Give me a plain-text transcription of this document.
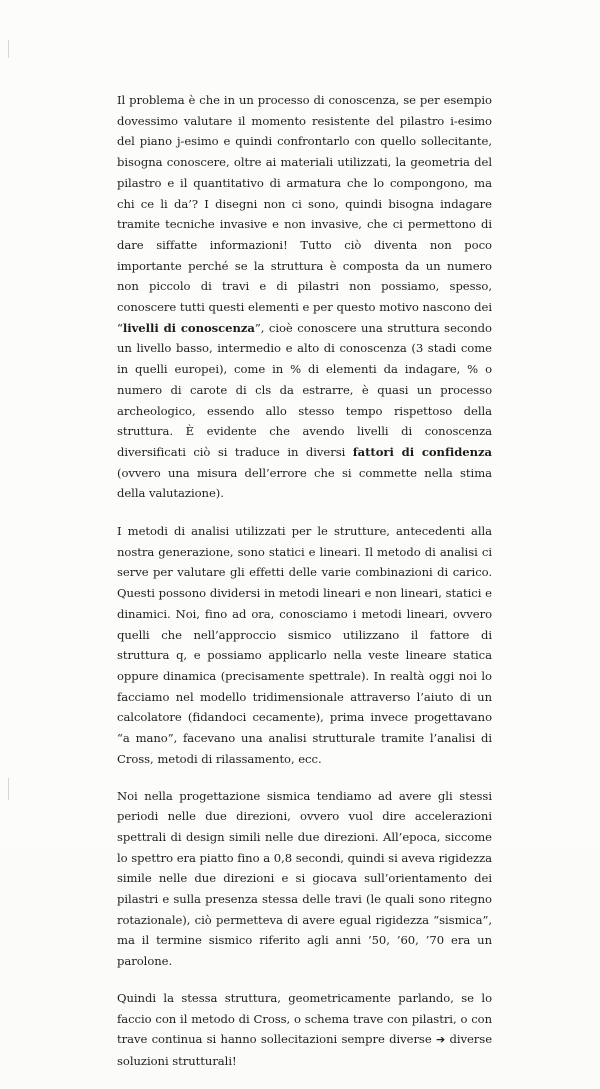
Il problema è che in un processo di conoscenza, se per esempio dovessimo valutare il momento resistente del pilastro i-esimo del piano j-esimo e quindi confrontarlo con quello sollecitante, bisogna conoscere, oltre ai materiali utilizzati, la geometria del pilastro e il quantitativo di armatura che lo compongono, ma chi ce li da’? I disegni non ci sono, quindi bisogna indagare tramite tecniche invasive e non invasive, che ci permettono di dare siffatte informazioni! Tutto ciò diventa non poco importante perché se la struttura è composta da un numero non piccolo di travi e di pilastri non possiamo, spesso, conoscere tutti questi elementi e per questo motivo nascono dei “livelli di conoscenza”, cioè conoscere una struttura secondo un livello basso, intermedio e alto di conoscenza (3 stadi come in quelli europei), come in % di elementi da indagare, % o numero di carote di cls da estrarre, è quasi un processo archeologico, essendo allo stesso tempo rispettoso della struttura. È evidente che avendo livelli di conoscenza diversificati ciò si traduce in diversi fattori di confidenza (ovvero una misura dell’errore che si commette nella stima della valutazione).

I metodi di analisi utilizzati per le strutture, antecedenti alla nostra generazione, sono statici e lineari. Il metodo di analisi ci serve per valutare gli effetti delle varie combinazioni di carico. Questi possono dividersi in metodi lineari e non lineari, statici e dinamici. Noi, fino ad ora, conosciamo i metodi lineari, ovvero quelli che nell’approccio sismico utilizzano il fattore di struttura q, e possiamo applicarlo nella veste lineare statica oppure dinamica (precisamente spettrale). In realtà oggi noi lo facciamo nel modello tridimensionale attraverso l’aiuto di un calcolatore (fidandoci cecamente), prima invece progettavano “a mano”, facevano una analisi strutturale tramite l’analisi di Cross, metodi di rilassamento, ecc.

Noi nella progettazione sismica tendiamo ad avere gli stessi periodi nelle due direzioni, ovvero vuol dire accelerazioni spettrali di design simili nelle due direzioni. All’epoca, siccome lo spettro era piatto fino a 0,8 secondi, quindi si aveva rigidezza simile nelle due direzioni e si giocava sull’orientamento dei pilastri e sulla presenza stessa delle travi (le quali sono ritegno rotazionale), ciò permetteva di avere egual rigidezza “sismica”, ma il termine sismico riferito agli anni ’50, ’60, ’70 era un parolone.

Quindi la stessa struttura, geometricamente parlando, se lo faccio con il metodo di Cross, o schema trave con pilastri, o con trave continua si hanno sollecitazioni sempre diverse ➔ diverse soluzioni strutturali!
